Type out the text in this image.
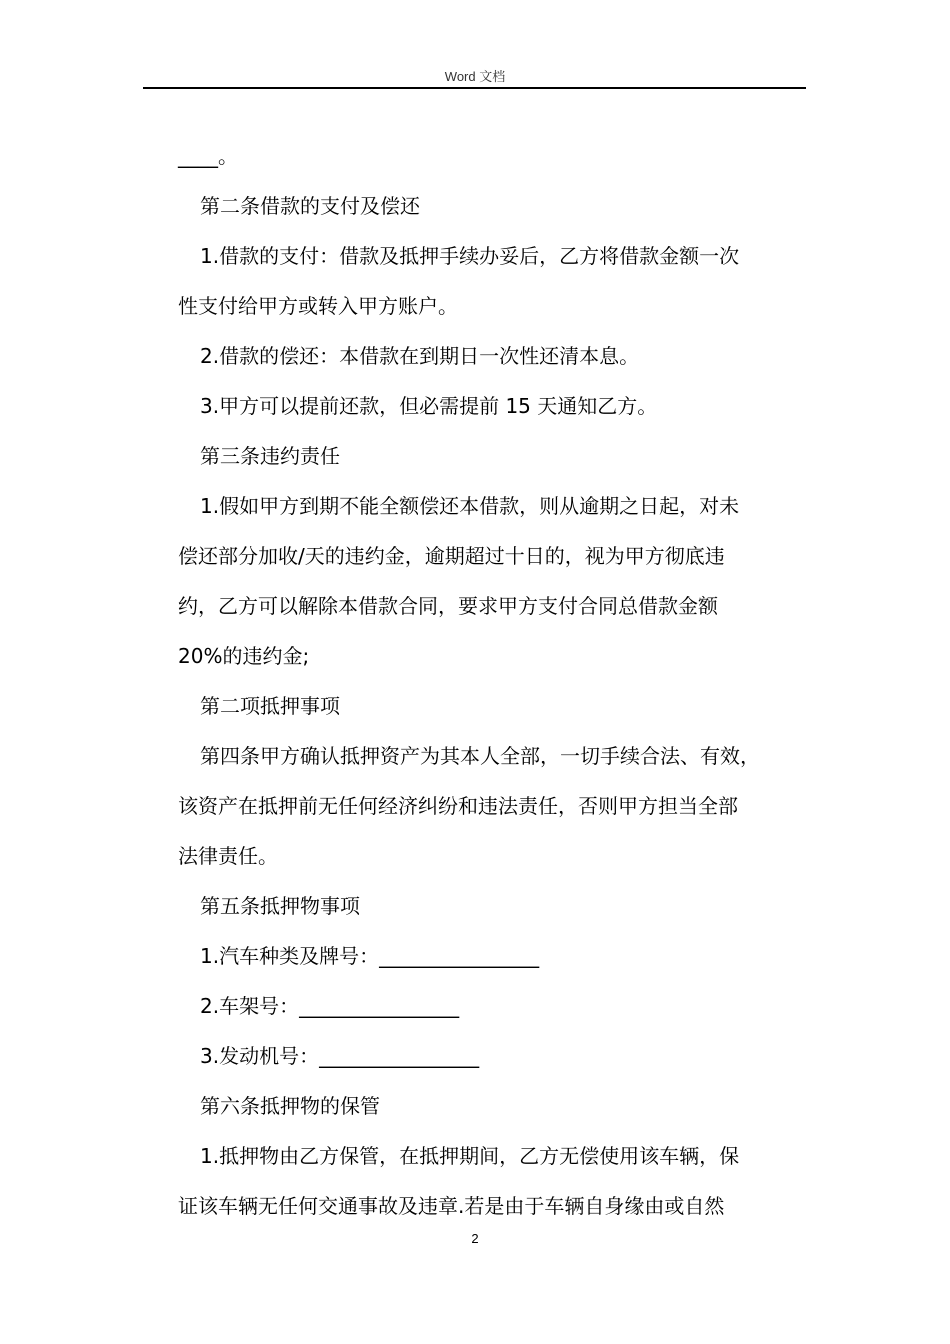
Word 文档
____。
第二条借款的支付及偿还
1.借款的支付：借款及抵押手续办妥后，乙方将借款金额一次
性支付给甲方或转入甲方账户。
2.借款的偿还：本借款在到期日一次性还清本息。
3.甲方可以提前还款，但必需提前 15 天通知乙方。
第三条违约责任
1.假如甲方到期不能全额偿还本借款，则从逾期之日起，对未
偿还部分加收/天的违约金，逾期超过十日的，视为甲方彻底违
约，乙方可以解除本借款合同，要求甲方支付合同总借款金额
20%的违约金;
第二项抵押事项
第四条甲方确认抵押资产为其本人全部，一切手续合法、有效，
该资产在抵押前无任何经济纠纷和违法责任，否则甲方担当全部
法律责任。
第五条抵押物事项
1.汽车种类及牌号：________________
2.车架号：________________
3.发动机号：________________
第六条抵押物的保管
1.抵押物由乙方保管，在抵押期间，乙方无偿使用该车辆，保
证该车辆无任何交通事故及违章.若是由于车辆自身缘由或自然
2
